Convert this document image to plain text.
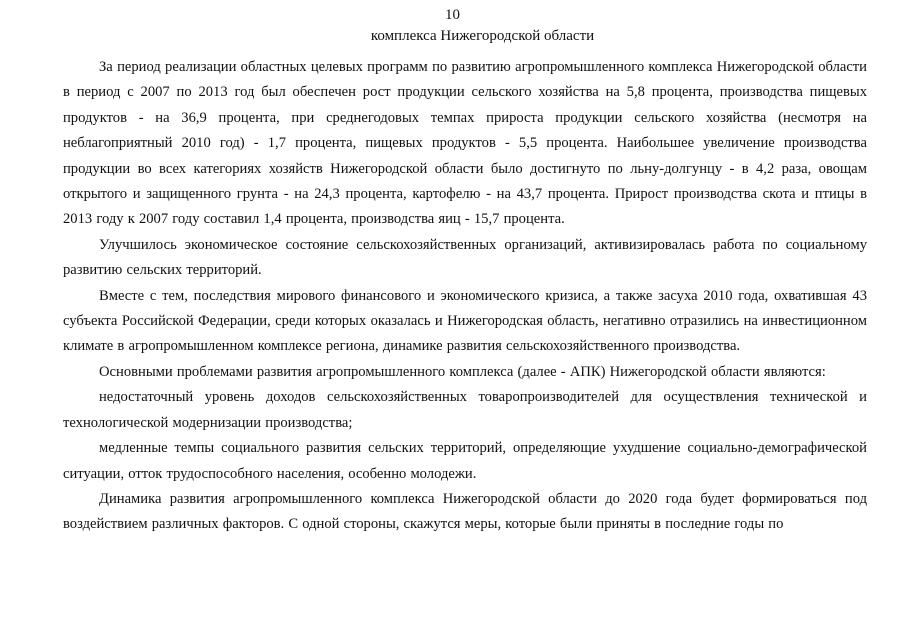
10
комплекса Нижегородской области

За период реализации областных целевых программ по развитию агропромышленного комплекса Нижегородской области в период с 2007 по 2013 год был обеспечен рост продукции сельского хозяйства на 5,8 процента, производства пищевых продуктов - на 36,9 процента, при среднегодовых темпах прироста продукции сельского хозяйства (несмотря на неблагоприятный 2010 год) - 1,7 процента, пищевых продуктов - 5,5 процента. Наибольшее увеличение производства продукции во всех категориях хозяйств Нижегородской области было достигнуто по льну-долгунцу - в 4,2 раза, овощам открытого и защищенного грунта - на 24,3 процента, картофелю - на 43,7 процента. Прирост производства скота и птицы в 2013 году к 2007 году составил 1,4 процента, производства яиц - 15,7 процента.

Улучшилось экономическое состояние сельскохозяйственных организаций, активизировалась работа по социальному развитию сельских территорий.

Вместе с тем, последствия мирового финансового и экономического кризиса, а также засуха 2010 года, охватившая 43 субъекта Российской Федерации, среди которых оказалась и Нижегородская область, негативно отразились на инвестиционном климате в агропромышленном комплексе региона, динамике развития сельскохозяйственного производства.

Основными проблемами развития агропромышленного комплекса (далее - АПК) Нижегородской области являются:

недостаточный уровень доходов сельскохозяйственных товаропроизводителей для осуществления технической и технологической модернизации производства;

медленные темпы социального развития сельских территорий, определяющие ухудшение социально-демографической ситуации, отток трудоспособного населения, особенно молодежи.

Динамика развития агропромышленного комплекса Нижегородской области до 2020 года будет формироваться под воздействием различных факторов. С одной стороны, скажутся меры, которые были приняты в последние годы по
